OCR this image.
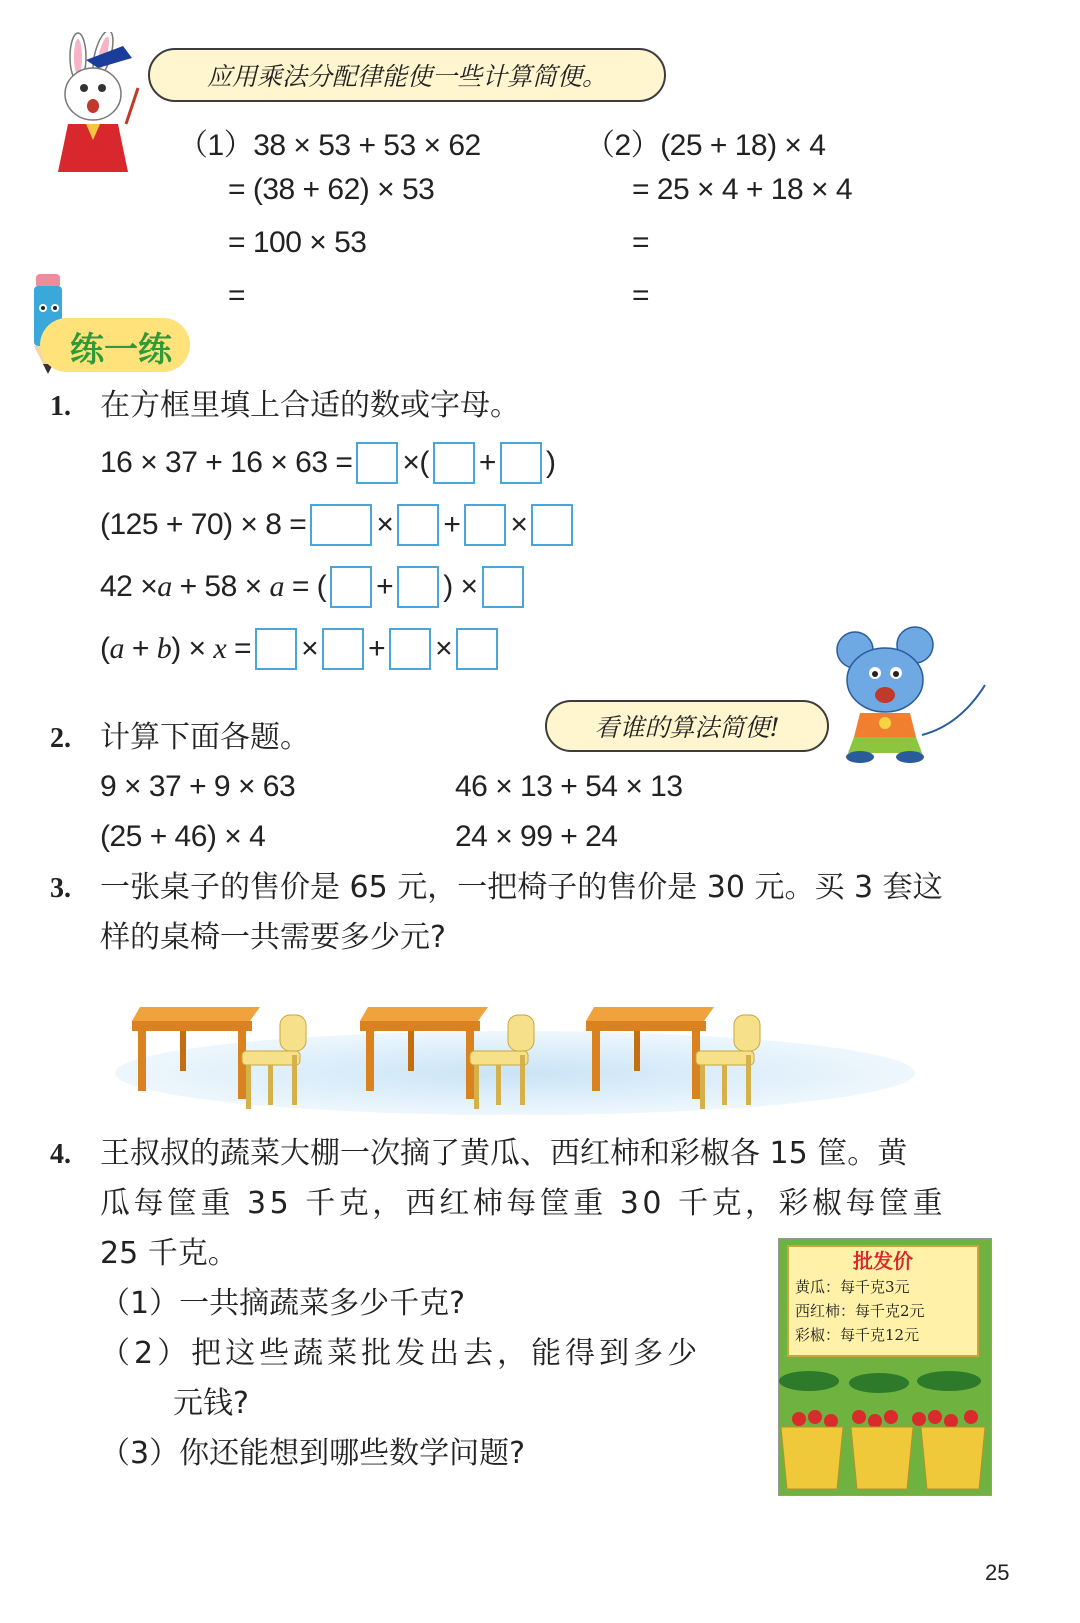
应用乘法分配律能使一些计算简便。
（1）38 × 53 + 53 × 62
= (38 + 62) × 53
= 100 × 53
=
（2）(25 + 18) × 4
= 25 × 4 + 18 × 4
=
=
练一练
1. 在方框里填上合适的数或字母。
16 × 37 + 16 × 63 = ×( + )
(125 + 70) × 8 = × + ×
42 × a + 58 × a = ( + ) ×
( a + b ) × x = × + ×
看谁的算法简便!
2. 计算下面各题。
9 × 37 + 9 × 63	46 × 13 + 54 × 13
(25 + 46) × 4	24 × 99 + 24
3. 一张桌子的售价是 65 元，一把椅子的售价是 30 元。买 3 套这
样的桌椅一共需要多少元?
4. 王叔叔的蔬菜大棚一次摘了黄瓜、西红柿和彩椒各 15 筐。黄
瓜每筐重 35 千克，西红柿每筐重 30 千克，彩椒每筐重
25 千克。
（1）一共摘蔬菜多少千克?
（2）把这些蔬菜批发出去，能得到多少
元钱?
（3）你还能想到哪些数学问题?
批发价
黄瓜：每千克3元
西红柿：每千克2元
彩椒：每千克12元
25
